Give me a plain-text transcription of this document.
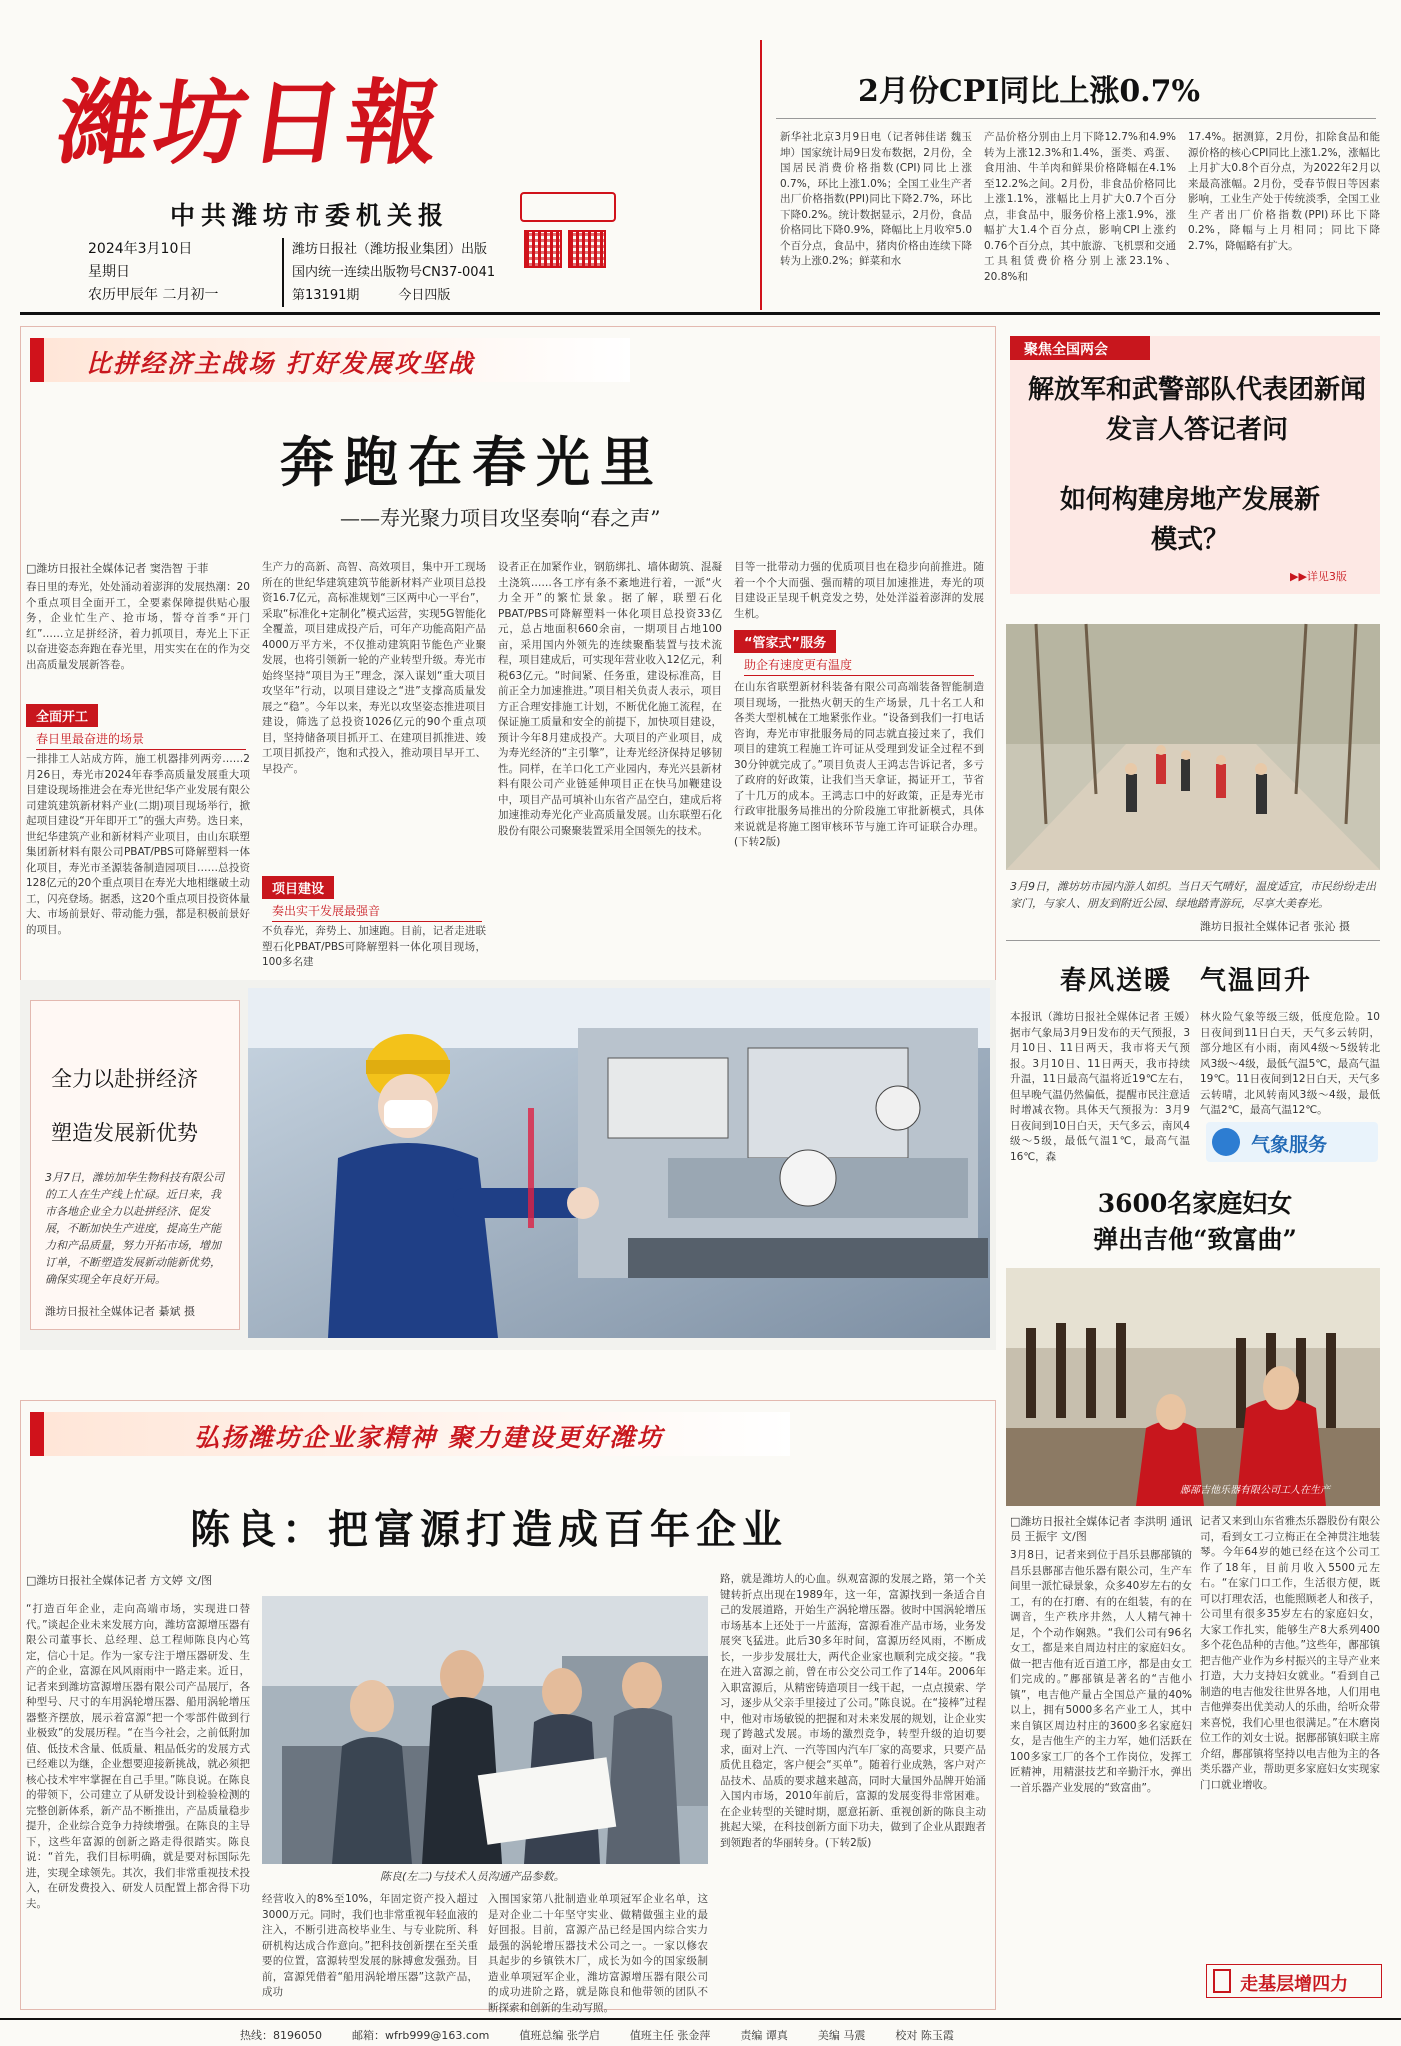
濰坊日報
中共潍坊市委机关报
2024年3月10日
星期日
农历甲辰年 二月初一
潍坊日报社（潍坊报业集团）出版
国内统一连续出版物号CN37-0041
第13191期　　　	今日四版
2月份CPI同比上涨0.7%
新华社北京3月9日电（记者韩佳诺 魏玉坤）国家统计局9日发布数据，2月份，全国居民消费价格指数(CPI)同比上涨0.7%，环比上涨1.0%；全国工业生产者出厂价格指数(PPI)同比下降2.7%，环比下降0.2%。统计数据显示，2月份，食品价格同比下降0.9%，降幅比上月收窄5.0个百分点，食品中，猪肉价格由连续下降转为上涨0.2%；鲜菜和水
产品价格分别由上月下降12.7%和4.9%转为上涨12.3%和1.4%，蛋类、鸡蛋、食用油、牛羊肉和鲜果价格降幅在4.1%至12.2%之间。2月份，非食品价格同比上涨1.1%，涨幅比上月扩大0.7个百分点，非食品中，服务价格上涨1.9%，涨幅扩大1.4个百分点，影响CPI上涨约0.76个百分点，其中旅游、飞机票和交通工具租赁费价格分别上涨23.1%、20.8%和
17.4%。据测算，2月份，扣除食品和能源价格的核心CPI同比上涨1.2%，涨幅比上月扩大0.8个百分点，为2022年2月以来最高涨幅。2月份，受春节假日等因素影响，工业生产处于传统淡季，全国工业生产者出厂价格指数(PPI)环比下降0.2%，降幅与上月相同；同比下降2.7%，降幅略有扩大。
比拼经济主战场 打好发展攻坚战
奔跑在春光里
——寿光聚力项目攻坚奏响“春之声”
□潍坊日报社全媒体记者 窦浩智 于菲
春日里的寿光，处处涌动着澎湃的发展热潮：20个重点项目全面开工，全要素保障提供贴心服务，企业忙生产、抢市场，誓夺首季“开门红”……立足拼经济，着力抓项目，寿光上下正以奋进姿态奔跑在春光里，用实实在在的作为交出高质量发展新答卷。
全面开工
春日里最奋进的场景
一排排工人站成方阵，施工机器排列两旁……2月26日，寿光市2024年春季高质量发展重大项目建设现场推进会在寿光世纪华产业发展有限公司建筑建筑新材料产业(二期)项目现场举行，掀起项目建设“开年即开工”的强大声势。迭日来，世纪华建筑产业和新材料产业项目，由山东联塑集团新材料有限公司PBAT/PBS可降解塑料一体化项目，寿光市圣源装备制造园项目……总投资128亿元的20个重点项目在寿光大地相继破土动工，闪亮登场。据悉，这20个重点项目投资体量大、市场前景好、带动能力强，都是积极前景好的项目。
生产力的高新、高智、高效项目，集中开工现场所在的世纪华建筑建筑节能新材料产业项目总投资16.7亿元，高标准规划“三区两中心一平台”，采取“标准化+定制化”模式运营，实现5G智能化全覆盖，项目建成投产后，可年产功能高阳产品4000万平方米，不仅推动建筑阳节能色产业聚发展，也将引领新一轮的产业转型升级。寿光市始终坚持“项目为王”理念，深入谋划“重大项目攻坚年”行动，以项目建设之“进”支撑高质量发展之“稳”。今年以来，寿光以攻坚姿态推进项目建设，筛选了总投资1026亿元的90个重点项目，坚持储备项目抓开工、在建项目抓推进、竣工项目抓投产，饱和式投入，推动项目早开工、早投产。
项目建设
奏出实干发展最强音
不负春光，奔势上、加速跑。目前，记者走进联塑石化PBAT/PBS可降解塑料一体化项目现场，100多名建
设者正在加紧作业，钢筋绑扎、墙体砌筑、混凝土浇筑……各工序有条不紊地进行着，一派“火力全开”的繁忙景象。据了解，联塑石化PBAT/PBS可降解塑料一体化项目总投资33亿元，总占地面积660余亩，一期项目占地100亩，采用国内外领先的连续聚酯装置与技术流程，项目建成后，可实现年营业收入12亿元，利税63亿元。“时间紧、任务重，建设标准高，目前正全力加速推进。”项目相关负责人表示，项目方正合理安排施工计划，不断优化施工流程，在保证施工质量和安全的前提下，加快项目建设，预计今年8月建成投产。大项目的产业项目，成为寿光经济的“主引擎”，让寿光经济保持足够韧性。同样，在羊口化工产业园内，寿光兴县新材料有限公司产业链延伸项目正在快马加鞭建设中，项目产品可填补山东省产品空白，建成后将加速推动寿光化产业高质量发展。山东联塑石化股份有限公司聚聚装置采用全国领先的技术。
目等一批带动力强的优质项目也在稳步向前推进。随着一个个大而强、强而精的项目加速推进，寿光的项目建设正呈现千帆竞发之势，处处洋溢着澎湃的发展生机。
“管家式”服务
助企有速度更有温度
在山东省联塑新材科装备有限公司高端装备智能制造项目现场，一批热火朝天的生产场景，几十名工人和各类大型机械在工地紧张作业。“设备到我们一打电话咨询，寿光市审批服务局的同志就直接过来了，我们项目的建筑工程施工许可证从受理到发证全过程不到30分钟就完成了。”项目负责人王鸿志告诉记者，多亏了政府的好政策，让我们当天拿证，揭证开工，节省了十几万的成本。王鸿志口中的好政策，正是寿光市行政审批服务局推出的分阶段施工审批新模式，具体来说就是将施工图审核环节与施工许可证联合办理。(下转2版)
全力以赴拼经济
塑造发展新优势
3月7日，潍坊加华生物科技有限公司的工人在生产线上忙碌。近日来，我市各地企业全力以赴拼经济、促发展，不断加快生产进度，提高生产能力和产品质量，努力开拓市场，增加订单，不断塑造发展新动能新优势，确保实现全年良好开局。
潍坊日报社全媒体记者 綦斌 摄
弘扬潍坊企业家精神 聚力建设更好潍坊
陈良：把富源打造成百年企业
□潍坊日报社全媒体记者 方文婷 文/图
“打造百年企业，走向高端市场，实现进口替代。”谈起企业未来发展方向，潍坊富源增压器有限公司董事长、总经理、总工程师陈良内心笃定，信心十足。作为一家专注于增压器研发、生产的企业，富源在风风雨雨中一路走来。近日，记者来到潍坊富源增压器有限公司产品展厅，各种型号、尺寸的车用涡轮增压器、船用涡轮增压器整齐摆放，展示着富源“把一个零部件做到行业极致”的发展历程。“在当今社会，之前低附加值、低技术含量、低质量、粗品低劣的发展方式已经难以为继，企业想要迎接新挑战，就必须把核心技术牢牢掌握在自己手里。”陈良说。在陈良的带领下，公司建立了从研发设计到检验检测的完整创新体系，新产品不断推出，产品质量稳步提升，企业综合竞争力持续增强。在陈良的主导下，这些年富源的创新之路走得很踏实。陈良说：“首先，我们目标明确，就是要对标国际先进，实现全球领先。其次，我们非常重视技术投入，在研发费投入、研发人员配置上都舍得下功夫。
陈良(左二)与技术人员沟通产品参数。
经营收入的8%至10%，年固定资产投入超过3000万元。同时，我们也非常重视年轻血液的注入，不断引进高校毕业生、与专业院所、科研机构达成合作意向。”把科技创新摆在至关重要的位置，富源转型发展的脉搏愈发强劲。目前，富源凭借着“船用涡轮增压器”这款产品，成功
入围国家第八批制造业单项冠军企业名单，这是对企业二十年坚守实业、做精做强主业的最好回报。目前，富源产品已经是国内综合实力最强的涡轮增压器技术公司之一。一家以修农具起步的乡镇铁木厂，成长为如今的国家级制造业单项冠军企业，潍坊富源增压器有限公司的成功进阶之路，就是陈良和他带领的团队不断探索和创新的生动写照。
路，就是潍坊人的心血。纵观富源的发展之路，第一个关键转折点出现在1989年，这一年，富源找到一条适合自己的发展道路，开始生产涡轮增压器。彼时中国涡轮增压市场基本上还处于一片蓝海，富源看准产品市场，业务发展突飞猛进。此后30多年时间，富源历经风雨，不断成长，一步步发展壮大，两代企业家也顺利完成交接。“我在进入富源之前，曾在市公交公司工作了14年。2006年入职富源后，从精密铸造项目一线干起，一点点摸索、学习，逐步从父亲手里接过了公司。”陈良说。在“接棒”过程中，他对市场敏锐的把握和对未来发展的规划，让企业实现了跨越式发展。市场的激烈竞争，转型升级的迫切要求，面对上汽、一汽等国内汽车厂家的高要求，只要产品质优且稳定，客户便会“买单”。随着行业成熟，客户对产品技术、品质的要求越来越高，同时大量国外品牌开始涌入国内市场，2010年前后，富源的发展变得非常困难。在企业转型的关键时期，愿意拓新、重视创新的陈良主动挑起大梁，在科技创新方面下功夫，做到了企业从跟跑者到领跑者的华丽转身。(下转2版)
聚焦全国两会
解放军和武警部队代表团新闻发言人答记者问
如何构建房地产发展新模式？
▶▶详见3版
3月9日，潍坊坊市园内游人如织。当日天气晴好，温度适宜，市民纷纷走出家门，与家人、朋友到附近公园、绿地踏青游玩，尽享大美春光。
潍坊日报社全媒体记者 张沁 摄
春风送暖　气温回升
本报讯（潍坊日报社全媒体记者 王媛）据市气象局3月9日发布的天气预报，3月10日、11日两天，我市将天气预报。3月10日、11日两天，我市持续升温，11日最高气温将近19℃左右，但早晚气温仍然偏低，提醒市民注意适时增减衣物。具体天气预报为：3月9日夜间到10日白天，天气多云，南风4级～5级，最低气温1℃，最高气温16℃，森
林火险气象等级三级，低度危险。10日夜间到11日白天，天气多云转阴，部分地区有小雨，南风4级～5级转北风3级～4级，最低气温5℃，最高气温19℃。11日夜间到12日白天，天气多云转晴，北风转南风3级～4级，最低气温2℃，最高气温12℃。
气象服务
3600名家庭妇女
弹出吉他“致富曲”
鄌郚吉他乐器有限公司工人在生产
□潍坊日报社全媒体记者 李洪明 通讯员 王振宇 文/图
3月8日，记者来到位于昌乐县鄌郚镇的昌乐县鄌郚吉他乐器有限公司，生产车间里一派忙碌景象，众多40岁左右的女工，有的在打磨、有的在组装，有的在调音，生产秩序井然，人人精气神十足，个个动作娴熟。“我们公司有96名女工，都是来自周边村庄的家庭妇女。做一把吉他有近百道工序，都是由女工们完成的。”鄌郚镇是著名的“吉他小镇”，电吉他产量占全国总产量的40%以上，拥有5000多名产业工人，其中来自镇区周边村庄的3600多名家庭妇女，是吉他生产的主力军，她们活跃在100多家工厂的各个工作岗位，发挥工匠精神，用精湛技艺和辛勤汗水，弹出一首乐器产业发展的“致富曲”。
记者又来到山东省雅杰乐器股份有限公司，看到女工刁立梅正在全神贯注地装琴。今年64岁的她已经在这个公司工作了18年，目前月收入5500元左右。“在家门口工作，生活很方便，既可以打理农活，也能照顾老人和孩子，公司里有很多35岁左右的家庭妇女，大家工作扎实，能够生产8大系列400多个花色品种的吉他。”这些年，鄌郚镇把吉他产业作为乡村振兴的主导产业来打造，大力支持妇女就业。“看到自己制造的电吉他发往世界各地，人们用电吉他弹奏出优美动人的乐曲，给听众带来喜悦，我们心里也很满足。”在木磨岗位工作的刘女士说。据鄌郚镇妇联主席介绍，鄌郚镇将坚持以电吉他为主的各类乐器产业，帮助更多家庭妇女实现家门口就业增收。
走基层增四力
热线：8196050	邮箱：wfrb999@163.com	值班总编 张学启	值班主任 张金萍	责编 谭真	美编 马震	校对 陈玉霞
